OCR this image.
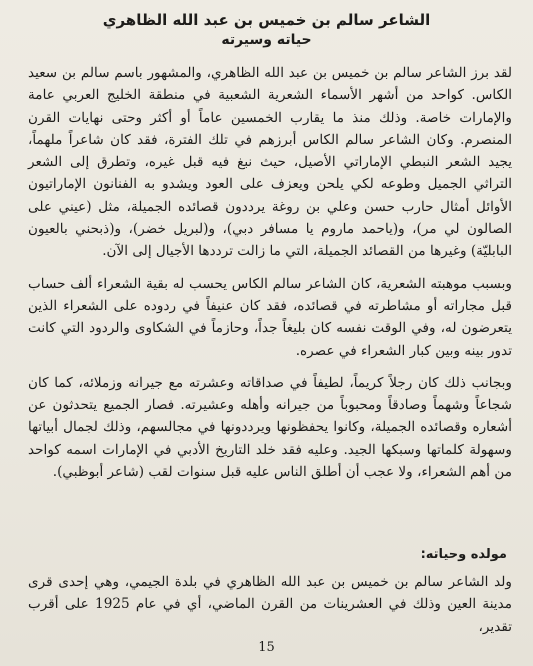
الشاعر سالم بن خميس بن عبد الله الظاهري
حياته وسيرته

لقد برز الشاعر سالم بن خميس بن عبد الله الظاهري، والمشهور باسم سالم بن سعيد الكاس. كواحد من أشهر الأسماء الشعرية الشعبية في منطقة الخليج العربي عامة والإمارات خاصة. وذلك منذ ما يقارب الخمسين عاماً أو أكثر وحتى نهايات القرن المنصرم. وكان الشاعر سالم الكاس أبرزهم في تلك الفترة، فقد كان شاعراً ملهماً، يجيد الشعر النبطي الإماراتي الأصيل، حيث نبغ فيه قبل غيره، وتطرق إلى الشعر التراثي الجميل وطوعه لكي يلحن ويعزف على العود ويشدو به الفنانون الإماراتيون الأوائل أمثال حارب حسن وعلي بن روغة يرددون قصائده الجميلة، مثل (عيني على الصالون لي مر)، و(ياحمد ماروم يا مسافر دبي)، و(لبريل خضر)، و(ذبحني بالعيون البابليّة) وغيرها من القصائد الجميلة، التي ما زالت ترددها الأجيال إلى الآن.

وبسبب موهبته الشعرية، كان الشاعر سالم الكاس يحسب له بقية الشعراء ألف حساب قبل مجاراته أو مشاطرته في قصائده، فقد كان عنيفاً في ردوده على الشعراء الذين يتعرضون له، وفي الوقت نفسه كان بليغاً جداً، وحازماً في الشكاوى والردود التي كانت تدور بينه وبين كبار الشعراء في عصره.

وبجانب ذلك كان رجلاً كريماً، لطيفاً في صداقاته وعشرته مع جيرانه وزملائه، كما كان شجاعاً وشهماً وصادقاً ومحبوباً من جيرانه وأهله وعشيرته. فصار الجميع يتحدثون عن أشعاره وقصائده الجميلة، وكانوا يحفظونها ويرددونها في مجالسهم، وذلك لجمال أبياتها وسهولة كلماتها وسبكها الجيد. وعليه فقد خلد التاريخ الأدبي في الإمارات اسمه كواحد من أهم الشعراء، ولا عجب أن أطلق الناس عليه قبل سنوات لقب (شاعر أبوظبي).

مولده وحياته:
ولد الشاعر سالم بن خميس بن عبد الله الظاهري في بلدة الجيمي، وهي إحدى قرى مدينة العين وذلك في العشرينات من القرن الماضي، أي في عام 1925 على أقرب تقدير،
15
